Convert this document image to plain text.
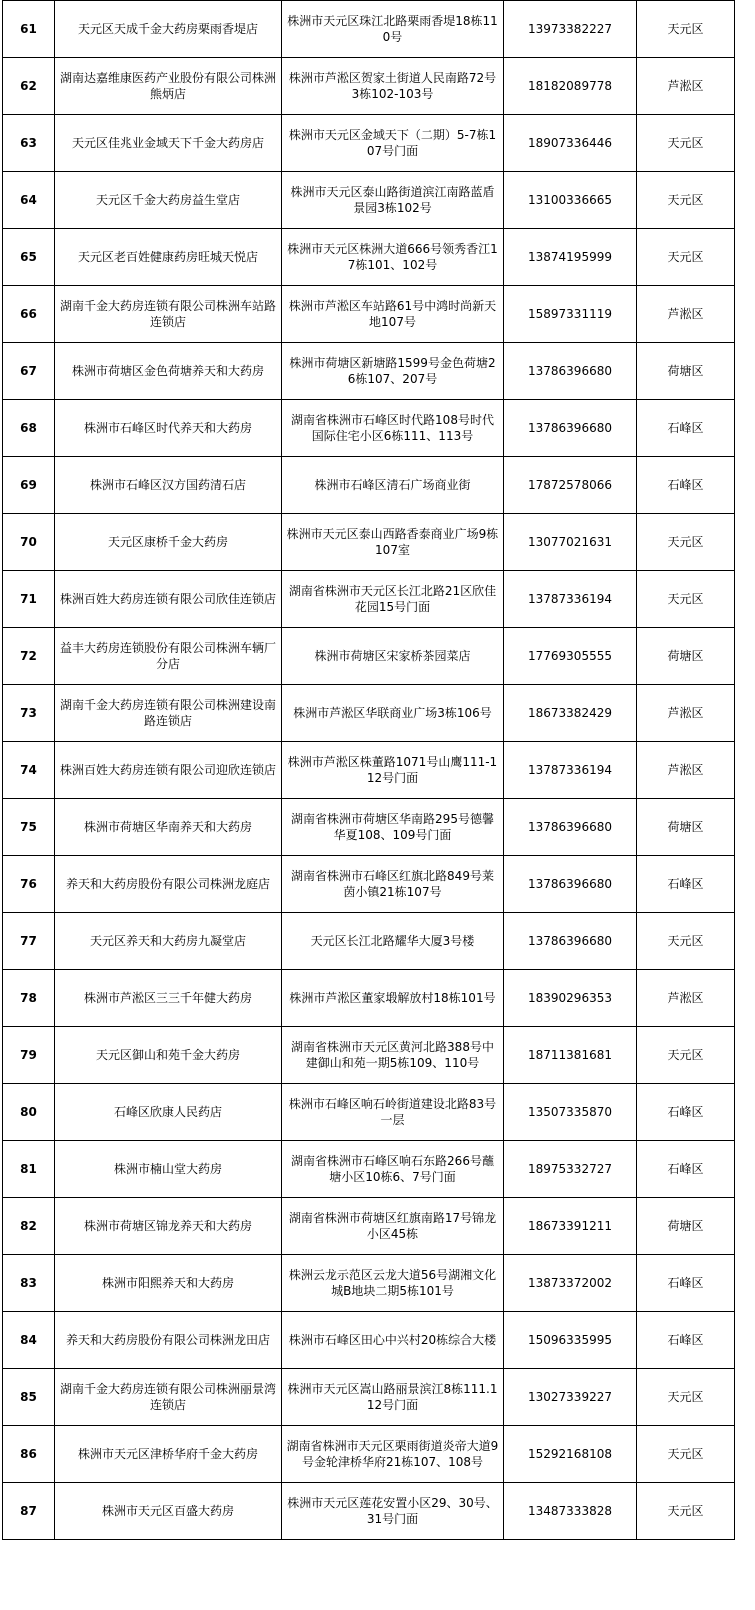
61	天元区天成千金大药房栗雨香堤店	株洲市天元区珠江北路栗雨香堤18栋110号	13973382227	天元区
62	湖南达嘉维康医药产业股份有限公司株洲熊炳店	株洲市芦淞区贺家土街道人民南路72号3栋102-103号	18182089778	芦淞区
63	天元区佳兆业金域天下千金大药房店	株洲市天元区金域天下（二期）5-7栋107号门面	18907336446	天元区
64	天元区千金大药房益生堂店	株洲市天元区泰山路街道滨江南路蓝盾景园3栋102号	13100336665	天元区
65	天元区老百姓健康药房旺城天悦店	株洲市天元区株洲大道666号领秀香江17栋101、102号	13874195999	天元区
66	湖南千金大药房连锁有限公司株洲车站路连锁店	株洲市芦淞区车站路61号中鸿时尚新天地107号	15897331119	芦淞区
67	株洲市荷塘区金色荷塘养天和大药房	株洲市荷塘区新塘路1599号金色荷塘26栋107、207号	13786396680	荷塘区
68	株洲市石峰区时代养天和大药房	湖南省株洲市石峰区时代路108号时代国际住宅小区6栋111、113号	13786396680	石峰区
69	株洲市石峰区汉方国药清石店	株洲市石峰区清石广场商业街	17872578066	石峰区
70	天元区康桥千金大药房	株洲市天元区泰山西路香泰商业广场9栋107室	13077021631	天元区
71	株洲百姓大药房连锁有限公司欣佳连锁店	湖南省株洲市天元区长江北路21区欣佳花园15号门面	13787336194	天元区
72	益丰大药房连锁股份有限公司株洲车辆厂分店	株洲市荷塘区宋家桥茶园菜店	17769305555	荷塘区
73	湖南千金大药房连锁有限公司株洲建设南路连锁店	株洲市芦淞区华联商业广场3栋106号	18673382429	芦淞区
74	株洲百姓大药房连锁有限公司迎欣连锁店	株洲市芦淞区株董路1071号山鹰111-112号门面	13787336194	芦淞区
75	株洲市荷塘区华南养天和大药房	湖南省株洲市荷塘区华南路295号德馨华夏108、109号门面	13786396680	荷塘区
76	养天和大药房股份有限公司株洲龙庭店	湖南省株洲市石峰区红旗北路849号莱茵小镇21栋107号	13786396680	石峰区
77	天元区养天和大药房九凝堂店	天元区长江北路耀华大厦3号楼	13786396680	天元区
78	株洲市芦淞区三三千年健大药房	株洲市芦淞区董家塅解放村18栋101号	18390296353	芦淞区
79	天元区御山和苑千金大药房	湖南省株洲市天元区黄河北路388号中建御山和苑一期5栋109、110号	18711381681	天元区
80	石峰区欣康人民药店	株洲市石峰区响石岭街道建设北路83号一层	13507335870	石峰区
81	株洲市楠山堂大药房	湖南省株洲市石峰区响石东路266号蘸塘小区10栋6、7号门面	18975332727	石峰区
82	株洲市荷塘区锦龙养天和大药房	湖南省株洲市荷塘区红旗南路17号锦龙小区45栋	18673391211	荷塘区
83	株洲市阳熙养天和大药房	株洲云龙示范区云龙大道56号湖湘文化城B地块二期5栋101号	13873372002	石峰区
84	养天和大药房股份有限公司株洲龙田店	株洲市石峰区田心中兴村20栋综合大楼	15096335995	石峰区
85	湖南千金大药房连锁有限公司株洲丽景湾连锁店	株洲市天元区嵩山路丽景滨江8栋111.112号门面	13027339227	天元区
86	株洲市天元区津桥华府千金大药房	湖南省株洲市天元区栗雨街道炎帝大道9号金轮津桥华府21栋107、108号	15292168108	天元区
87	株洲市天元区百盛大药房	株洲市天元区莲花安置小区29、30号、31号门面	13487333828	天元区
